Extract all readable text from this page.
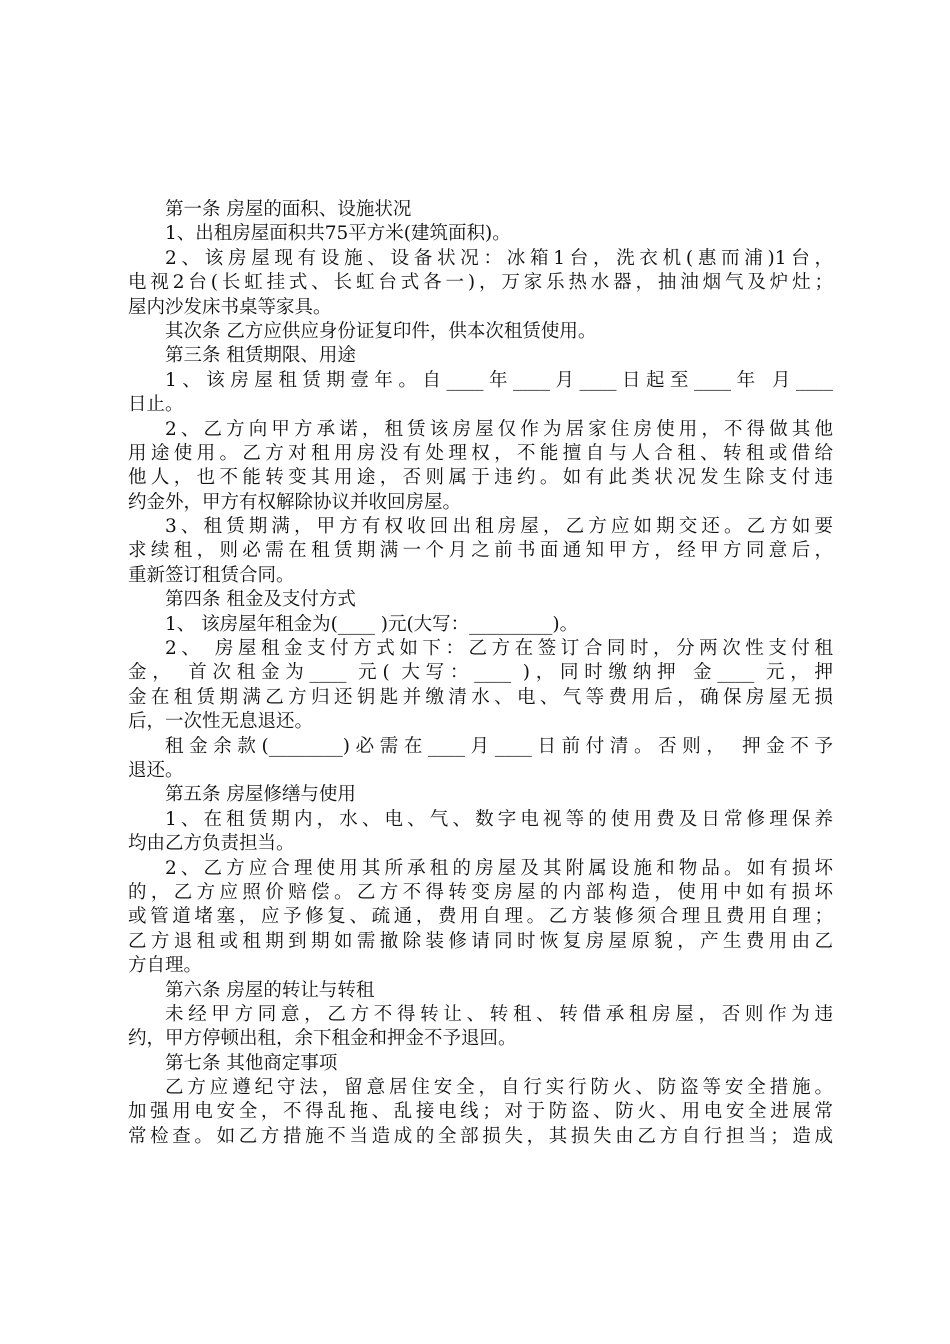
第一条 房屋的面积、设施状况
1、出租房屋面积共75平方米(建筑面积)。
2、该房屋现有设施、设备状况：冰箱1台，洗衣机(惠而浦)1台，
电视2台(长虹挂式、长虹台式各一)，万家乐热水器，抽油烟气及炉灶；
屋内沙发床书桌等家具。
其次条 乙方应供应身份证复印件，供本次租赁使用。
第三条 租赁期限、用途
1、该房屋租赁期壹年。自____年____月____日起至____年 月____
日止。
2、乙方向甲方承诺，租赁该房屋仅作为居家住房使用，不得做其他
用途使用。乙方对租用房没有处理权，不能擅自与人合租、转租或借给
他人，也不能转变其用途，否则属于违约。如有此类状况发生除支付违
约金外，甲方有权解除协议并收回房屋。
3、租赁期满，甲方有权收回出租房屋，乙方应如期交还。乙方如要
求续租，则必需在租赁期满一个月之前书面通知甲方，经甲方同意后，
重新签订租赁合同。
第四条 租金及支付方式
1、 该房屋年租金为(____ )元(大写：_________)。
2、 房屋租金支付方式如下：乙方在签订合同时，分两次性支付租
金， 首次租金为____ 元( 大写：____ )，同时缴纳押 金____ 元，押
金在租赁期满乙方归还钥匙并缴清水、电、气等费用后，确保房屋无损
后，一次性无息退还。
租金余款(________)必需在____月____日前付清。否则， 押金不予
退还。
第五条 房屋修缮与使用
1、在租赁期内，水、电、气、数字电视等的使用费及日常修理保养
均由乙方负责担当。
2、乙方应合理使用其所承租的房屋及其附属设施和物品。如有损坏
的，乙方应照价赔偿。乙方不得转变房屋的内部构造，使用中如有损坏
或管道堵塞，应予修复、疏通，费用自理。乙方装修须合理且费用自理；
乙方退租或租期到期如需撤除装修请同时恢复房屋原貌，产生费用由乙
方自理。
第六条 房屋的转让与转租
未经甲方同意，乙方不得转让、转租、转借承租房屋，否则作为违
约，甲方停顿出租，余下租金和押金不予退回。
第七条 其他商定事项
乙方应遵纪守法，留意居住安全，自行实行防火、防盗等安全措施。
加强用电安全，不得乱拖、乱接电线；对于防盗、防火、用电安全进展常
常检查。如乙方措施不当造成的全部损失，其损失由乙方自行担当；造成
